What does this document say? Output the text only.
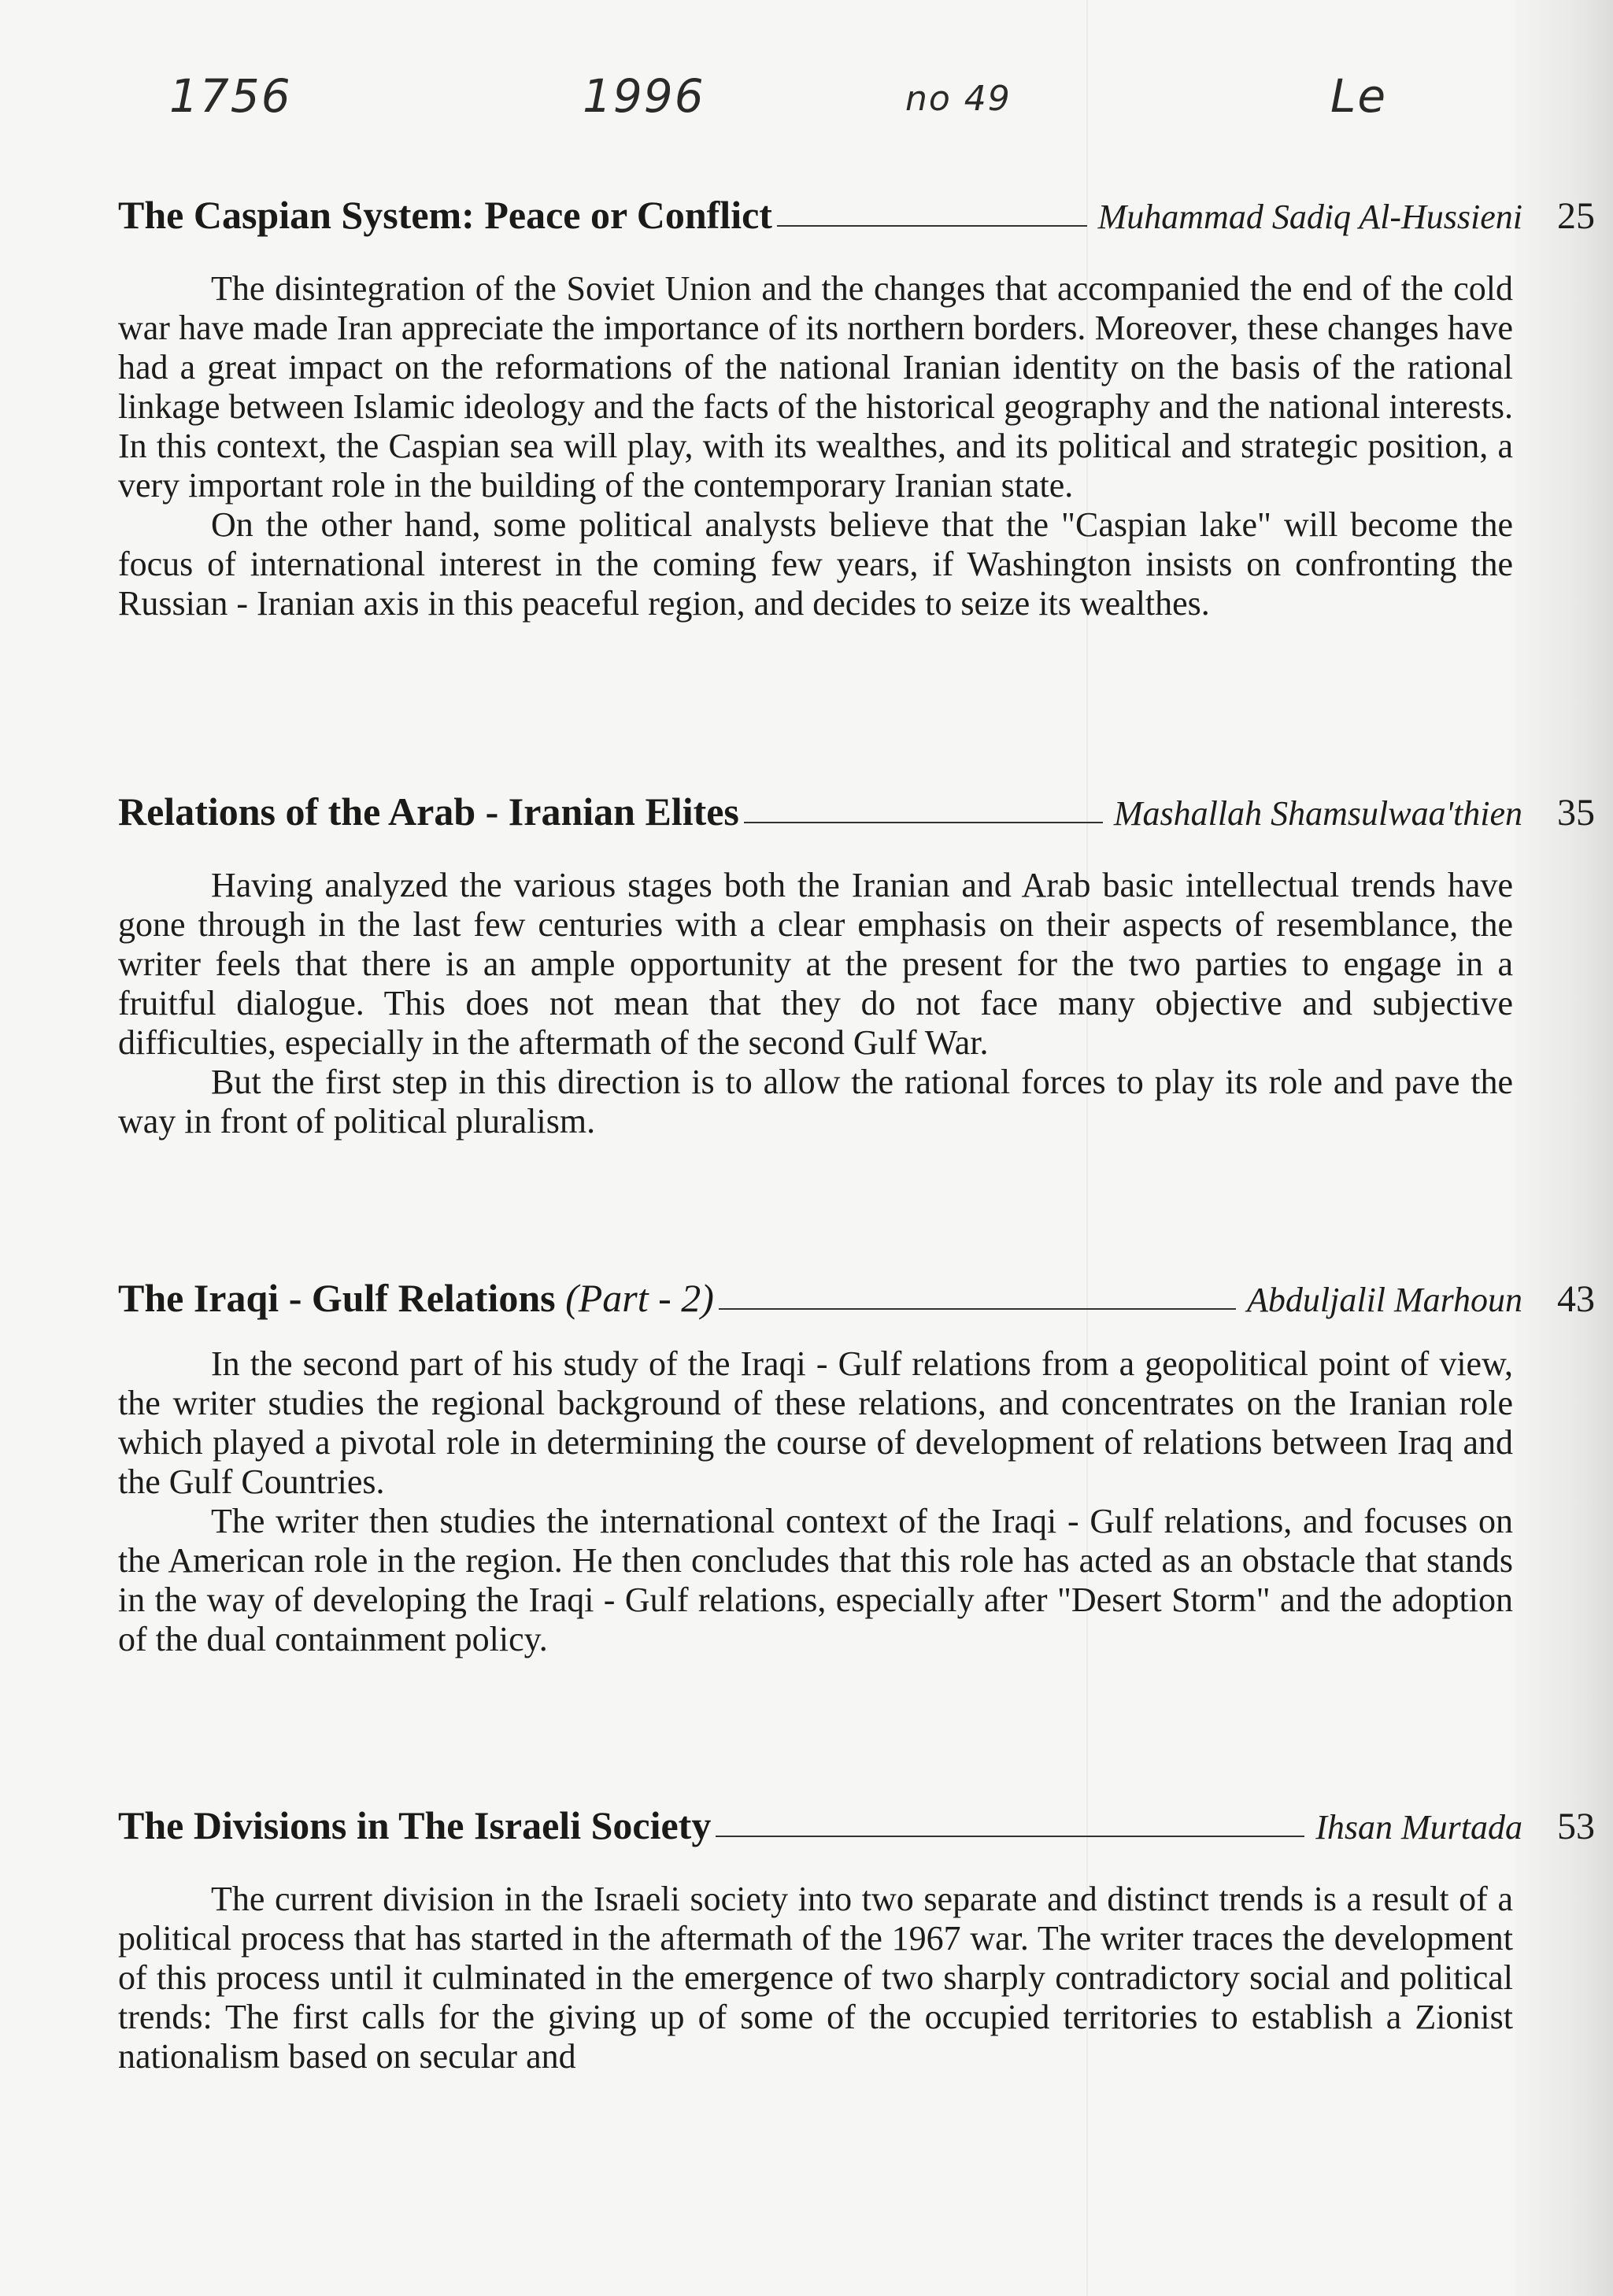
1756	1996	no 49	Le
The Caspian System: Peace or Conflict	Muhammad Sadiq Al-Hussieni 25

The disintegration of the Soviet Union and the changes that accompanied the end of the cold war have made Iran appreciate the importance of its northern borders. Moreover, these changes have had a great impact on the reformations of the national Iranian identity on the basis of the rational linkage between Islamic ideology and the facts of the historical geography and the national interests. In this context, the Caspian sea will play, with its wealthes, and its political and strategic position, a very important role in the building of the contemporary Iranian state.

On the other hand, some political analysts believe that the "Caspian lake" will become the focus of international interest in the coming few years, if Washington insists on confronting the Russian - Iranian axis in this peaceful region, and decides to seize its wealthes.

Relations of the Arab - Iranian Elites	Mashallah Shamsulwaa'thien 35

Having analyzed the various stages both the Iranian and Arab basic intellectual trends have gone through in the last few centuries with a clear emphasis on their aspects of resemblance, the writer feels that there is an ample opportunity at the present for the two parties to engage in a fruitful dialogue. This does not mean that they do not face many objective and subjective difficulties, especially in the aftermath of the second Gulf War.

But the first step in this direction is to allow the rational forces to play its role and pave the way in front of political pluralism.

The Iraqi - Gulf Relations (Part - 2)	Abduljalil Marhoun 43

In the second part of his study of the Iraqi - Gulf relations from a geopolitical point of view, the writer studies the regional background of these relations, and concentrates on the Iranian role which played a pivotal role in determining the course of development of relations between Iraq and the Gulf Countries.

The writer then studies the international context of the Iraqi - Gulf relations, and focuses on the American role in the region. He then concludes that this role has acted as an obstacle that stands in the way of developing the Iraqi - Gulf relations, especially after "Desert Storm" and the adoption of the dual containment policy.

The Divisions in The Israeli Society	Ihsan Murtada 53

The current division in the Israeli society into two separate and distinct trends is a result of a political process that has started in the aftermath of the 1967 war. The writer traces the development of this process until it culminated in the emergence of two sharply contradictory social and political trends: The first calls for the giving up of some of the occupied territories to establish a Zionist nationalism based on secular and
